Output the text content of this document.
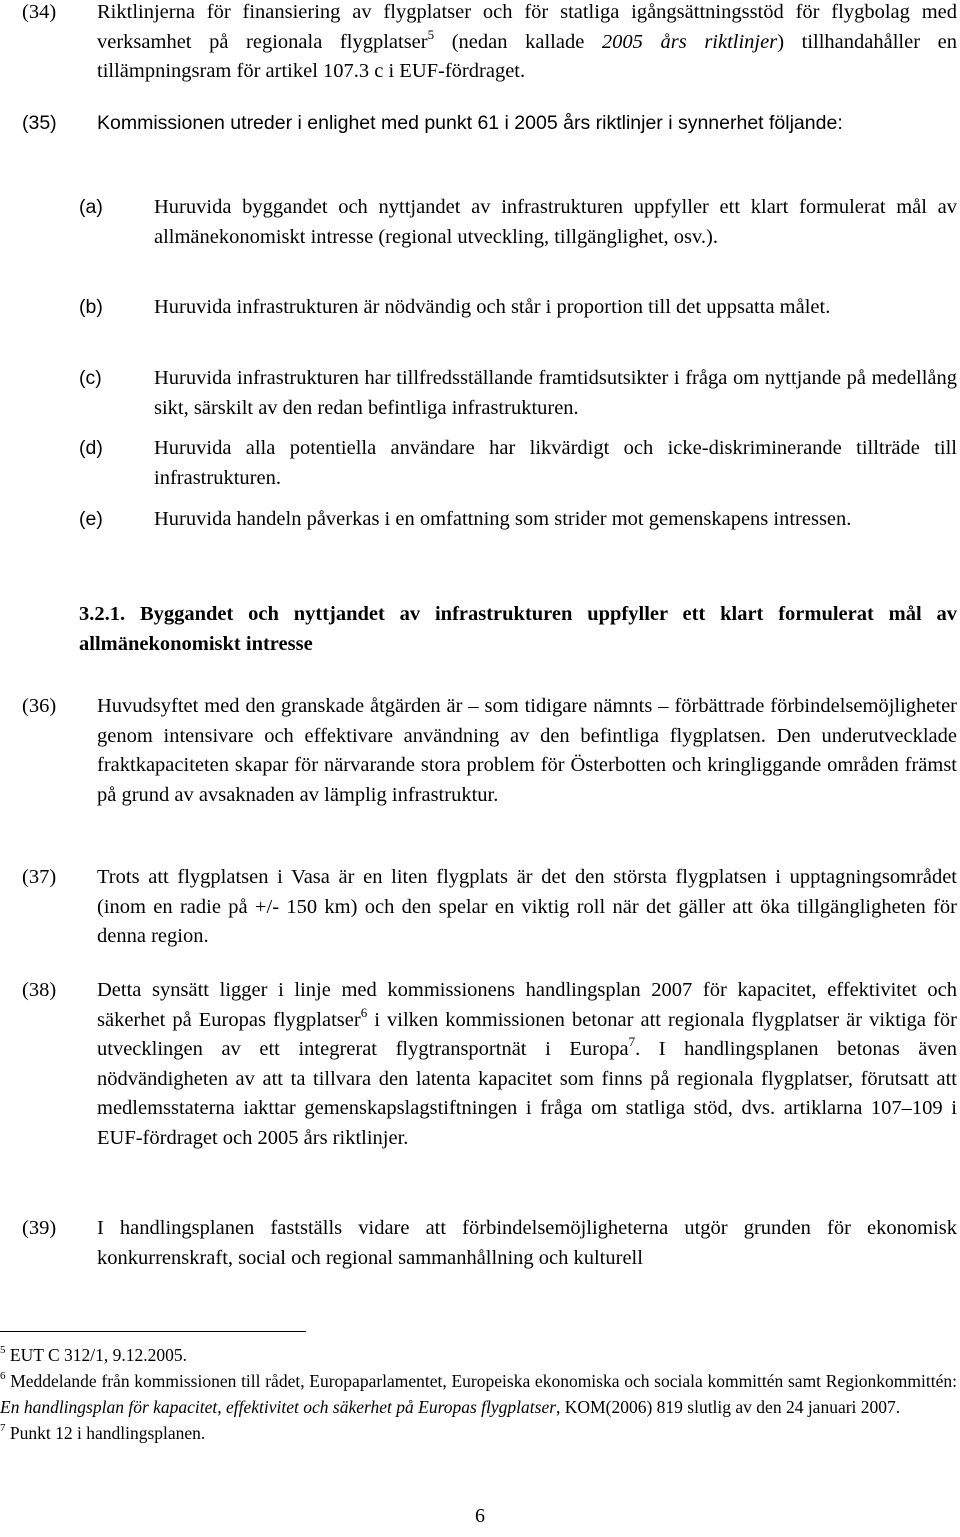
(34) Riktlinjerna för finansiering av flygplatser och för statliga igångsättningsstöd för flygbolag med verksamhet på regionala flygplatser$^5$ (nedan kallade 2005 års riktlinjer) tillhandahåller en tillämpningsram för artikel 107.3 c i EUF-fördraget.
(35) Kommissionen utreder i enlighet med punkt 61 i 2005 års riktlinjer i synnerhet följande:
(a) Huruvida byggandet och nyttjandet av infrastrukturen uppfyller ett klart formulerat mål av allmänekonomiskt intresse (regional utveckling, tillgänglighet, osv.).
(b) Huruvida infrastrukturen är nödvändig och står i proportion till det uppsatta målet.
(c)	Huruvida infrastrukturen har tillfredsställande framtidsutsikter i fråga om nyttjande på medellång sikt, särskilt av den redan befintliga infrastrukturen.
(d) Huruvida alla potentiella användare har likvärdigt och icke-diskriminerande tillträde till infrastrukturen.
(e) Huruvida handeln påverkas i en omfattning som strider mot gemenskapens intressen.
3.2.1. Byggandet och nyttjandet av infrastrukturen uppfyller ett klart formulerat mål av allmänekonomiskt intresse
(36) Huvudsyftet med den granskade åtgärden är – som tidigare nämnts – förbättrade förbindelsemöjligheter genom intensivare och effektivare användning av den befintliga flygplatsen. Den underutvecklade fraktkapaciteten skapar för närvarande stora problem för Österbotten och kringliggande områden främst på grund av avsaknaden av lämplig infrastruktur.
(37) Trots att flygplatsen i Vasa är en liten flygplats är det den största flygplatsen i upptagningsområdet (inom en radie på +/- 150 km) och den spelar en viktig roll när det gäller att öka tillgängligheten för denna region.
(38) Detta synsätt ligger i linje med kommissionens handlingsplan 2007 för kapacitet, effektivitet och säkerhet på Europas flygplatser$^6$ i vilken kommissionen betonar att regionala flygplatser är viktiga för utvecklingen av ett integrerat flygtransportnät i Europa$^7$. I handlingsplanen betonas även nödvändigheten av att ta tillvara den latenta kapacitet som finns på regionala flygplatser, förutsatt att medlemsstaterna iakttar gemenskapslagstiftningen i fråga om statliga stöd, dvs. artiklarna 107–109 i EUF-fördraget och 2005 års riktlinjer.
(39) I handlingsplanen fastställs vidare att förbindelsemöjligheterna utgör grunden för ekonomisk konkurrenskraft, social och regional sammanhållning och kulturell

$^5$ EUT C 312/1, 9.12.2005.

$^6$ Meddelande från kommissionen till rådet, Europaparlamentet, Europeiska ekonomiska och sociala kommittén samt Regionkommittén: En handlingsplan för kapacitet, effektivitet och säkerhet på Europas flygplatser, KOM(2006) 819 slutlig av den 24 januari 2007.

$^7$ Punkt 12 i handlingsplanen.

6
